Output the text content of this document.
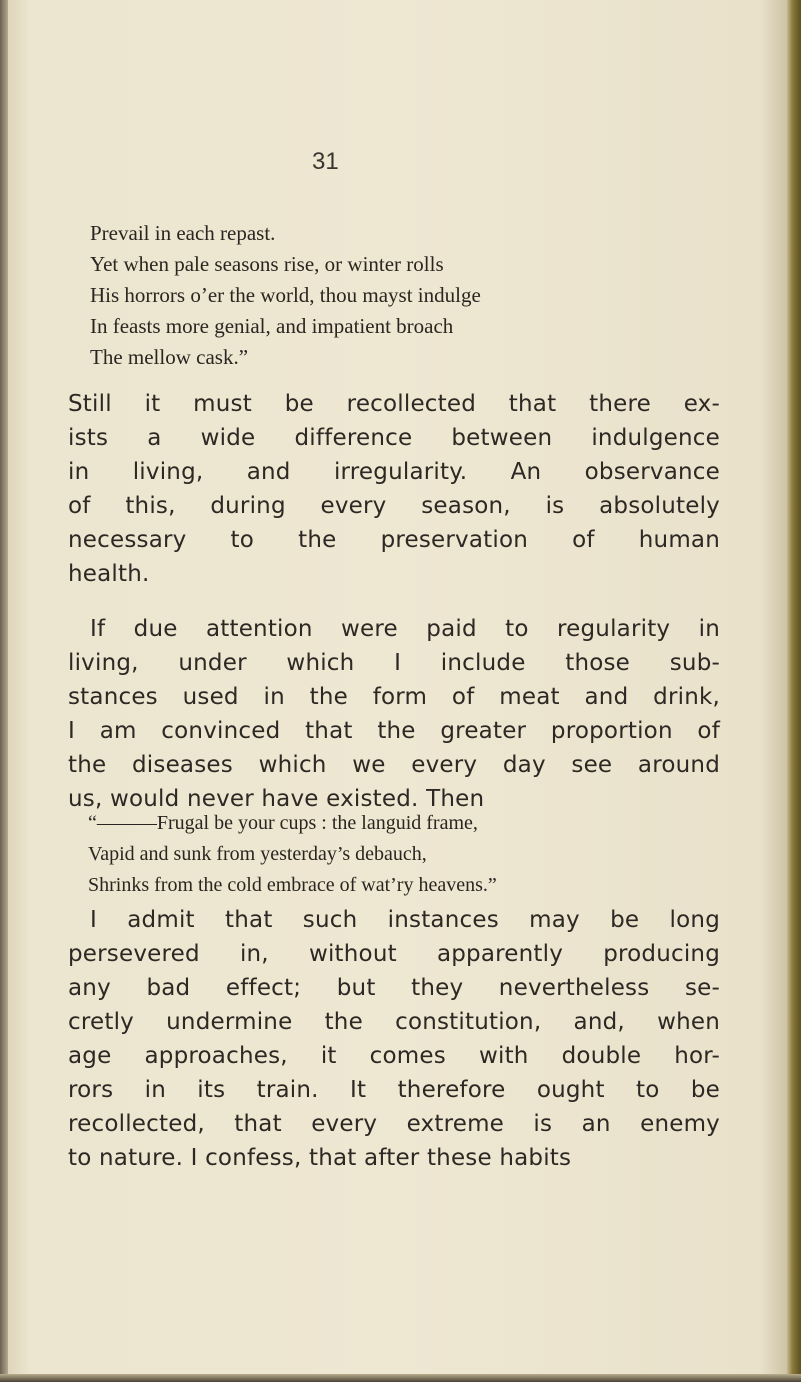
31
Prevail in each repast.
Yet when pale seasons rise, or winter rolls
His horrors o’er the world, thou mayst indulge
In feasts more genial, and impatient broach
The mellow cask.”

Still it must be recollected that there ex-
ists a wide difference between indulgence
in living, and irregularity. An observance
of this, during every season, is absolutely
necessary to the preservation of human
health.

If due attention were paid to regularity in
living, under which I include those sub-
stances used in the form of meat and drink,
I am convinced that the greater proportion of
the diseases which we every day see around
us, would never have existed. Then

“———Frugal be your cups : the languid frame,
Vapid and sunk from yesterday’s debauch,
Shrinks from the cold embrace of wat’ry heavens.”

I admit that such instances may be long
persevered in, without apparently producing
any bad effect; but they nevertheless se-
cretly undermine the constitution, and, when
age approaches, it comes with double hor-
rors in its train. It therefore ought to be
recollected, that every extreme is an enemy
to nature. I confess, that after these habits
